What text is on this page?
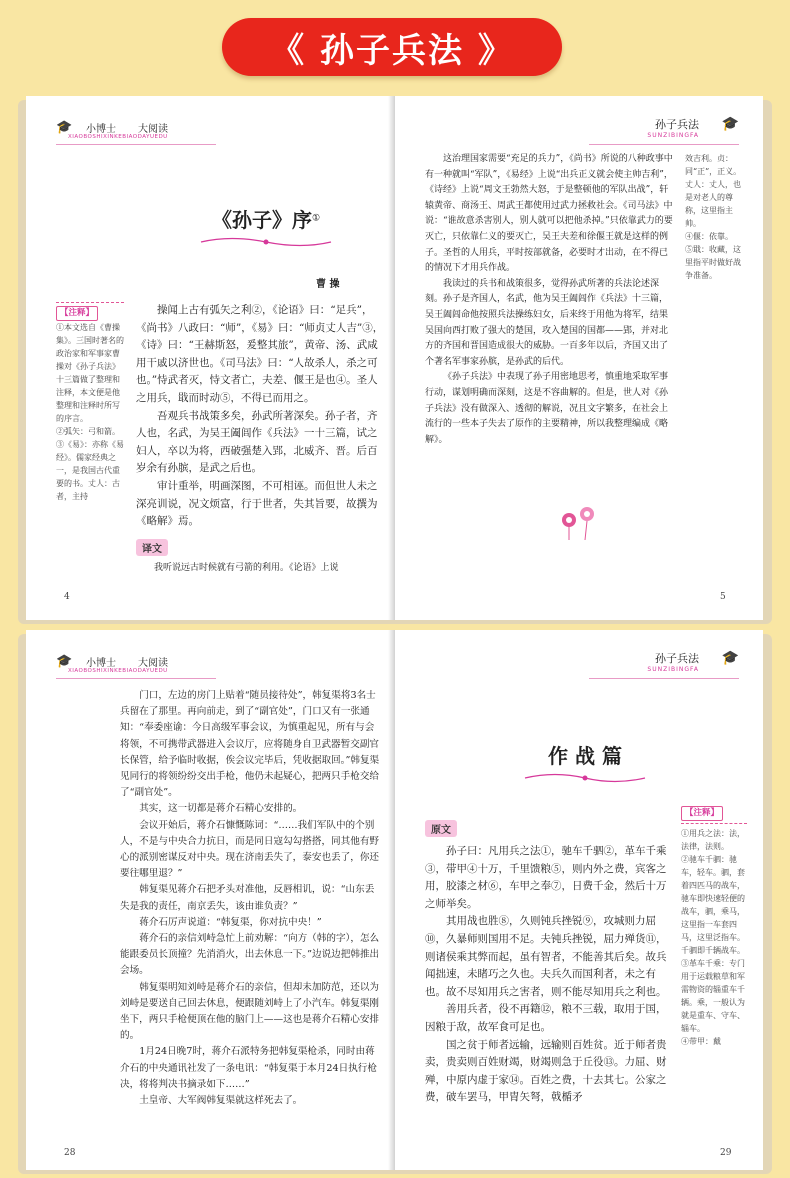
《 孙子兵法 》
🎓 小博士 大阅读
XIAOBOSHIXINKEBIAODAYUEDU
《孙子》序①
曹 操

操闻上古有弧矢之利②，《论语》曰：“足兵”，《尚书》八政曰：“师”，《易》曰：“师贞丈人吉”③，《诗》曰：“王赫斯怒，爰整其旅”，黄帝、汤、武咸用干戚以济世也。《司马法》曰：“人故杀人，杀之可也。”恃武者灭，恃文者亡，夫差、偃王是也④。圣人之用兵，戢而时动⑤，不得已而用之。

吾观兵书战策多矣，孙武所著深矣。孙子者，齐人也，名武，为吴王阖闾作《兵法》一十三篇，试之妇人，卒以为将，西破强楚入郢，北威齐、晋。后百岁余有孙膑，是武之后也。

审计重举，明画深图，不可相诬。而但世人未之深亮训说，况文烦富，行于世者，失其旨要，故撰为《略解》焉。

译文

我听说远古时候就有弓箭的利用。《论语》上说

【注释】
①本文选自《曹操集》。三国时著名的政治家和军事家曹操对《孙子兵法》十三篇做了整理和注释，本文便是他整理和注释时所写的序言。
②弧矢：弓和箭。
③《易》：亦称《易经》。儒家经典之一，是我国古代重要的书。丈人：古者，主持
4
孙子兵法
SUNZIBINGFA
🎓

这治理国家需要“充足的兵力”，《尚书》所说的八种政事中有一种就叫“军队”，《易经》上说“出兵正义就会使主帅吉利”，《诗经》上说“周文王勃然大怒，于是整顿他的军队出战”，轩辕黄帝、商汤王、周武王都使用过武力拯救社会。《司马法》中说：“谁故意杀害别人，别人就可以把他杀掉。”只依靠武力的要灭亡，只依靠仁义的要灭亡，吴王夫差和徐偃王就是这样的例子。圣哲的人用兵，平时按部就备，必要时才出动，在不得已的情况下才用兵作战。

我读过的兵书和战策很多，觉得孙武所著的兵法论述深刻。孙子是齐国人，名武，他为吴王阖闾作《兵法》十三篇，吴王阖闾命他按照兵法操练妇女，后来终于用他为将军，结果吴国向西打败了强大的楚国，攻入楚国的国都——郢，并对北方的齐国和晋国造成很大的威胁。一百多年以后，齐国又出了个著名军事家孙膑，是孙武的后代。

《孙子兵法》中表现了孙子用密地思考，慎重地采取军事行动，谋划明确而深刻，这是不容曲解的。但是，世人对《孙子兵法》没有做深入、透彻的解说，况且文字繁多，在社会上流行的一些本子失去了原作的主要精神，所以我整理编成《略解》。

效吉利。贞：同“正”，正义。丈人：丈人，也是对老人的尊称，这里指主帅。
④偃：依靠。
⑤戢：收藏，这里指平时做好战争准备。
5
🎓 小博士 大阅读
XIAOBOSHIXINKEBIAODAYUEDU

门口，左边的房门上贴着“随员接待处”，韩复渠将3名士兵留在了那里。再向前走，到了“副官处”，门口又有一张通知：“奉委座谕：今日高级军事会议，为慎重起见，所有与会将领，不可携带武器进入会议厅，应将随身自卫武器暂交副官长保管，给予临时收据，俟会议完毕后，凭收据取回。”韩复渠见同行的将领纷纷交出手枪，他仍未起疑心，把两只手枪交给了“副官处”。

其实，这一切都是蒋介石精心安排的。

会议开始后，蒋介石慷慨陈词：“……我们军队中的个别人，不是与中央合力抗日，而是同日寇勾勾搭搭，同其他有野心的派别密谋反对中央。现在济南丢失了，泰安也丢了，你还要往哪里退？”

韩复渠见蒋介石把矛头对准他，反唇相讥，说：“山东丢失是我的责任，南京丢失，该由谁负责？”

蒋介石厉声说道：“韩复渠，你对抗中央！”

蒋介石的亲信刘峙急忙上前劝解：“向方（韩的字），怎么能跟委员长顶撞？先消消火，出去休息一下。”边说边把韩推出会场。

韩复渠明知刘峙是蒋介石的亲信，但却未加防范，还以为刘峙是要送自己回去休息，便跟随刘峙上了小汽车。韩复渠刚坐下，两只手枪便顶在他的脑门上——这也是蒋介石精心安排的。

1月24日晚7时，蒋介石派特务把韩复渠枪杀，同时由蒋介石的中央通讯社发了一条电讯：“韩复渠于本月24日执行枪决，将将判决书摘录如下……”

土皇帝、大军阀韩复渠就这样死去了。

28
孙子兵法
SUNZIBINGFA
🎓
作 战 篇
原文

孙子曰：凡用兵之法①，驰车千驷②，革车千乘③，带甲④十万，千里馈粮⑤，则内外之费，宾客之用，胶漆之材⑥，车甲之奉⑦，日费千金，然后十万之师举矣。

其用战也胜⑧，久则钝兵挫锐⑨，攻城则力屈⑩，久暴师则国用不足。夫钝兵挫锐，屈力殚货⑪，则诸侯乘其弊而起，虽有智者，不能善其后矣。故兵闻拙速，未睹巧之久也。夫兵久而国利者，未之有也。故不尽知用兵之害者，则不能尽知用兵之利也。

善用兵者，役不再籍⑫，粮不三载，取用于国，因粮于敌，故军食可足也。

国之贫于师者远输，远输则百姓贫。近于师者贵卖，贵卖则百姓财竭，财竭则急于丘役⑬。力屈、财殚，中原内虚于家⑭。百姓之费，十去其七。公家之费，破车罢马，甲胄矢弩，戟楯矛

【注释】
①用兵之法：法，法律，法则。
②驰车千驷：驰车，轻车。驷，套着四匹马的战车，驰车即快速轻便的战车，驷，乘马，这里指一车套四马，这里泛指车。千驷即千辆战车。
③革车千乘：专门用于运载粮草和军需物资的辎重车千辆。乘，一般认为就是重车、守车、辎车。
④带甲：戴
29
